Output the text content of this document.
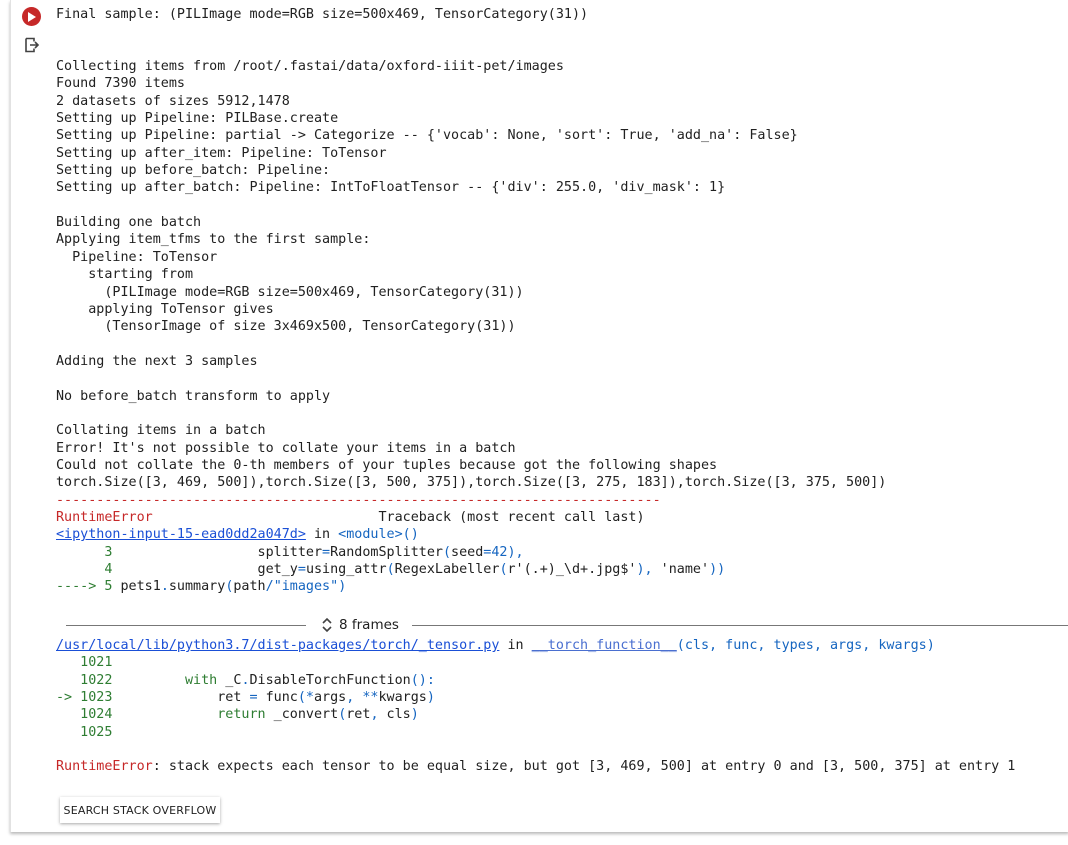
Final sample: (PILImage mode=RGB size=500x469, TensorCategory(31))
Collecting items from /root/.fastai/data/oxford-iiit-pet/images
Found 7390 items
2 datasets of sizes 5912,1478
Setting up Pipeline: PILBase.create
Setting up Pipeline: partial -> Categorize -- {'vocab': None, 'sort': True, 'add_na': False}
Setting up after_item: Pipeline: ToTensor
Setting up before_batch: Pipeline:
Setting up after_batch: Pipeline: IntToFloatTensor -- {'div': 255.0, 'div_mask': 1}
Building one batch
Applying item_tfms to the first sample:
Pipeline: ToTensor
starting from
(PILImage mode=RGB size=500x469, TensorCategory(31))
applying ToTensor gives
(TensorImage of size 3x469x500, TensorCategory(31))
Adding the next 3 samples
No before_batch transform to apply
Collating items in a batch
Error! It's not possible to collate your items in a batch
Could not collate the 0-th members of your tuples because got the following shapes
torch.Size([3, 469, 500]),torch.Size([3, 500, 375]),torch.Size([3, 275, 183]),torch.Size([3, 375, 500])
---------------------------------------------------------------------------
RuntimeError	Traceback (most recent call last)
<ipython-input-15-ead0dd2a047d> in <module>()
3                  splitter=RandomSplitter(seed=42),
4                  get_y=using_attr(RegexLabeller(r'(.+)_\d+.jpg$'), 'name'))
----> 5 pets1.summary(path/"images")
8 frames
/usr/local/lib/python3.7/dist-packages/torch/_tensor.py in __torch_function__(cls, func, types, args, kwargs)
1021
1022         with _C.DisableTorchFunction():
-> 1023             ret = func(*args, **kwargs)
1024             return _convert(ret, cls)
1025
RuntimeError: stack expects each tensor to be equal size, but got [3, 469, 500] at entry 0 and [3, 500, 375] at entry 1
SEARCH STACK OVERFLOW
